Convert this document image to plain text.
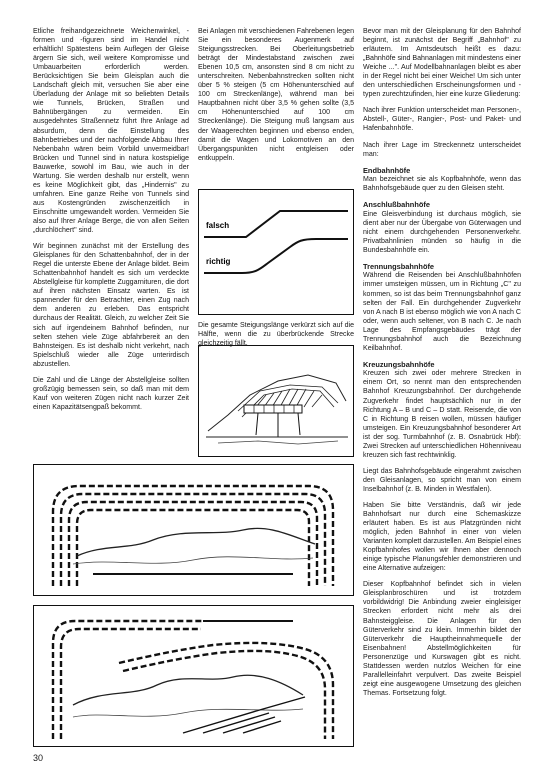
Etliche freihandgezeichnete Weichenwinkel, -formen und -figuren sind im Handel nicht erhältlich! Spätestens beim Auflegen der Gleise ärgern Sie sich, weil weitere Kompromisse und Umbauarbeiten erforderlich werden. Berücksichtigen Sie beim Gleisplan auch die Landschaft gleich mit, versuchen Sie aber eine Überladung der Anlage mit so beliebten Details wie Tunnels, Brücken, Straßen und Bahnübergängen zu vermeiden. Ein ausgedehntes Straßennetz führt Ihre Anlage ad absurdum, denn die Einstellung des Bahnbetriebes und der nachfolgende Abbau Ihrer Nebenbahn wären beim Vorbild unvermeidbar! Brücken und Tunnel sind in natura kostspielige Bauwerke, sowohl im Bau, wie auch in der Wartung. Sie werden deshalb nur erstellt, wenn es keine Möglichkeit gibt, das „Hindernis" zu umfahren. Eine ganze Reihe von Tunnels sind aus Kostengründen zwischenzeitlich in Einschnitte umgewandelt worden. Vermeiden Sie also auf Ihrer Anlage Berge, die von allen Seiten „durchlöchert" sind.

Wir beginnen zunächst mit der Erstellung des Gleisplanes für den Schattenbahnhof, der in der Regel die unterste Ebene der Anlage bildet. Beim Schattenbahnhof handelt es sich um verdeckte Abstellgleise für komplette Zuggarnituren, die dort auf ihren nächsten Einsatz warten. Es ist spannender für den Betrachter, einen Zug nach dem anderen zu erleben. Das entspricht durchaus der Realität. Gleich, zu welcher Zeit Sie sich auf irgendeinem Bahnhof befinden, nur selten stehen viele Züge abfahrbereit an den Bahnsteigen. Es ist deshalb nicht verkehrt, nach Spielschluß wieder alle Züge unterirdisch abzustellen.

Die Zahl und die Länge der Abstellgleise sollten großzügig bemessen sein, so daß man mit dem Kauf von weiteren Zügen nicht nach kurzer Zeit einen Kapazitätsengpaß bekommt.

Bei Anlagen mit verschiedenen Fahrebenen legen Sie ein besonderes Augenmerk auf Steigungsstrecken. Bei Oberleitungsbetrieb beträgt der Mindestabstand zwischen zwei Ebenen 10,5 cm, ansonsten sind 8 cm nicht zu unterschreiten. Nebenbahnstrecken sollten nicht über 5 % steigen (5 cm Höhenunterschied auf 100 cm Streckenlänge), während man bei Hauptbahnen nicht über 3,5 % gehen sollte (3,5 cm Höhenunterschied auf 100 cm Streckenlänge). Die Steigung muß langsam aus der Waagerechten beginnen und ebenso enden, damit die Wagen und Lokomotiven an den Übergangspunkten nicht entgleisen oder entkuppeln.

falsch
richtig
Die gesamte Steigungslänge verkürzt sich auf die Hälfte, wenn die zu überbrückende Strecke gleichzeitig fällt.

Bevor man mit der Gleisplanung für den Bahnhof beginnt, ist zunächst der Begriff „Bahnhof" zu erläutern. Im Amtsdeutsch heißt es dazu: „Bahnhöfe sind Bahnanlagen mit mindestens einer Weiche ...". Auf Modellbahnanlagen bleibt es aber in der Regel nicht bei einer Weiche! Um sich unter den unterschiedlichen Erscheinungsformen und -typen zurechtzufinden, hier eine kurze Gliederung:

Nach ihrer Funktion unterscheidet man Personen-, Abstell-, Güter-, Rangier-, Post- und Paket- und Hafenbahnhöfe.

Nach ihrer Lage im Streckennetz unterscheidet man:

Endbahnhöfe

Man bezeichnet sie als Kopfbahnhöfe, wenn das Bahnhofsgebäude quer zu den Gleisen steht.

Anschlußbahnhöfe

Eine Gleisverbindung ist durchaus möglich, sie dient aber nur der Übergabe von Güterwagen und nicht einem durchgehenden Personenverkehr. Privatbahnlinien münden so häufig in die Bundesbahnhöfe ein.

Trennungsbahnhöfe

Während die Reisenden bei Anschlußbahnhöfen immer umsteigen müssen, um in Richtung „C" zu kommen, so ist das beim Trennungsbahnhof ganz selten der Fall. Ein durchgehender Zugverkehr von A nach B ist ebenso möglich wie von A nach C oder, wenn auch seltener, von B nach C. Je nach Lage des Empfangsgebäudes trägt der Trennungsbahnhof auch die Bezeichnung Keilbahnhof.

Kreuzungsbahnhöfe

Kreuzen sich zwei oder mehrere Strecken in einem Ort, so nennt man den entsprechenden Bahnhof Kreuzungsbahnhof. Der durchgehende Zugverkehr findet hauptsächlich nur in der Richtung A – B und C – D statt. Reisende, die von C in Richtung B reisen wollen, müssen häufiger umsteigen. Ein Kreuzungsbahnhof besonderer Art ist der sog. Turmbahnhof (z. B. Osnabrück Hbf): Zwei Strecken auf unterschiedlichen Höhenniveau kreuzen sich fast rechtwinklig.

Liegt das Bahnhofsgebäude eingerahmt zwischen den Gleisanlagen, so spricht man von einem Inselbahnhof (z. B. Minden in Westfalen).

Haben Sie bitte Verständnis, daß wir jede Bahnhofsart nur durch eine Schemaskizze erläutert haben. Es ist aus Platzgründen nicht möglich, jeden Bahnhof in einer von vielen Varianten komplett darzustellen. Am Beispiel eines Kopfbahnhofes wollen wir Ihnen aber dennoch einige typische Planungsfehler demonstrieren und eine Alternative aufzeigen:

Dieser Kopfbahnhof befindet sich in vielen Gleisplanbroschüren und ist trotzdem vorbildwidrig! Die Anbindung zweier eingleisiger Strecken erfordert nicht mehr als drei Bahnsteiggleise. Die Anlagen für den Güterverkehr sind zu klein. Immerhin bildet der Güterverkehr die Hauptheinnahmequelle der Eisenbahnen! Abstellmöglichkeiten für Personenzüge und Kurswagen gibt es nicht. Stattdessen werden nutzlos Weichen für eine Parallelleinfahrt verpulvert. Das zweite Beispiel zeigt eine ausgewogene Umsetzung des gleichen Themas. Fortsetzung folgt.

30
